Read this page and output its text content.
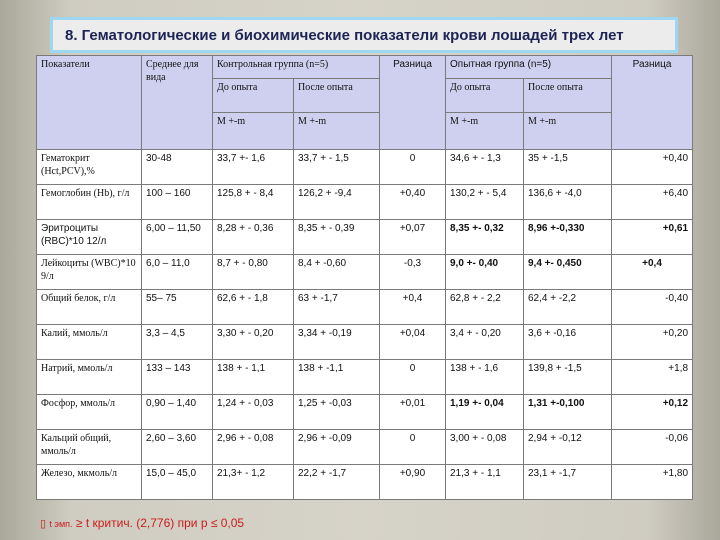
8. Гематологические и биохимические показатели крови лошадей трех лет
Показатели	Среднее для вида	Контрольная группа (n=5)		Разница	Опытная группа (n=5)		Разница
		До опыта	После опыта		До опыта	После опыта	
		М +-m	М +-m		М +-m	М +-m	
Гематокрит (Hct,PCV),%	30-48	33,7 +- 1,6	33,7 + - 1,5	0	34,6 + - 1,3	35 + -1,5	+0,40
Гемоглобин (Hb), г/л	100 – 160	125,8 + - 8,4	126,2 + -9,4	+0,40	130,2 + - 5,4	136,6 + -4,0	+6,40
Эритроциты (RBC)*10 12/л	6,00 – 11,50	8,28 + - 0,36	8,35 + - 0,39	+0,07	8,35 +- 0,32	8,96 +-0,330	+0,61
Лейкоциты (WBC)*10 9/л	6,0 – 11,0	8,7 + - 0,80	8,4 + -0,60	-0,3	9,0 +- 0,40	9,4 +- 0,450	+0,4
Общий белок, г/л	55– 75	62,6 + - 1,8	63 + -1,7	+0,4	62,8 + - 2,2	62,4 + -2,2	-0,40
Калий, ммоль/л	3,3 – 4,5	3,30 + - 0,20	3,34 + -0,19	+0,04	3,4 + - 0,20	3,6 + -0,16	+0,20
Натрий, ммоль/л	133 – 143	138 + - 1,1	138 + -1,1	0	138 + - 1,6	139,8 + -1,5	+1,8
Фосфор, ммоль/л	0,90 – 1,40	1,24 + - 0,03	1,25 + -0,03	+0,01	1,19 +- 0,04	1,31 +-0,100	+0,12
Кальций общий, ммоль/л	2,60 – 3,60	2,96 + - 0,08	2,96 + -0,09	0	3,00 + - 0,08	2,94 + -0,12	-0,06
Железо, мкмоль/л	15,0 – 45,0	21,3+ - 1,2	22,2 + -1,7	+0,90	21,3 + - 1,1	23,1 + -1,7	+1,80
▯ t эмп. ≥ t критич. (2,776) при p ≤ 0,05
